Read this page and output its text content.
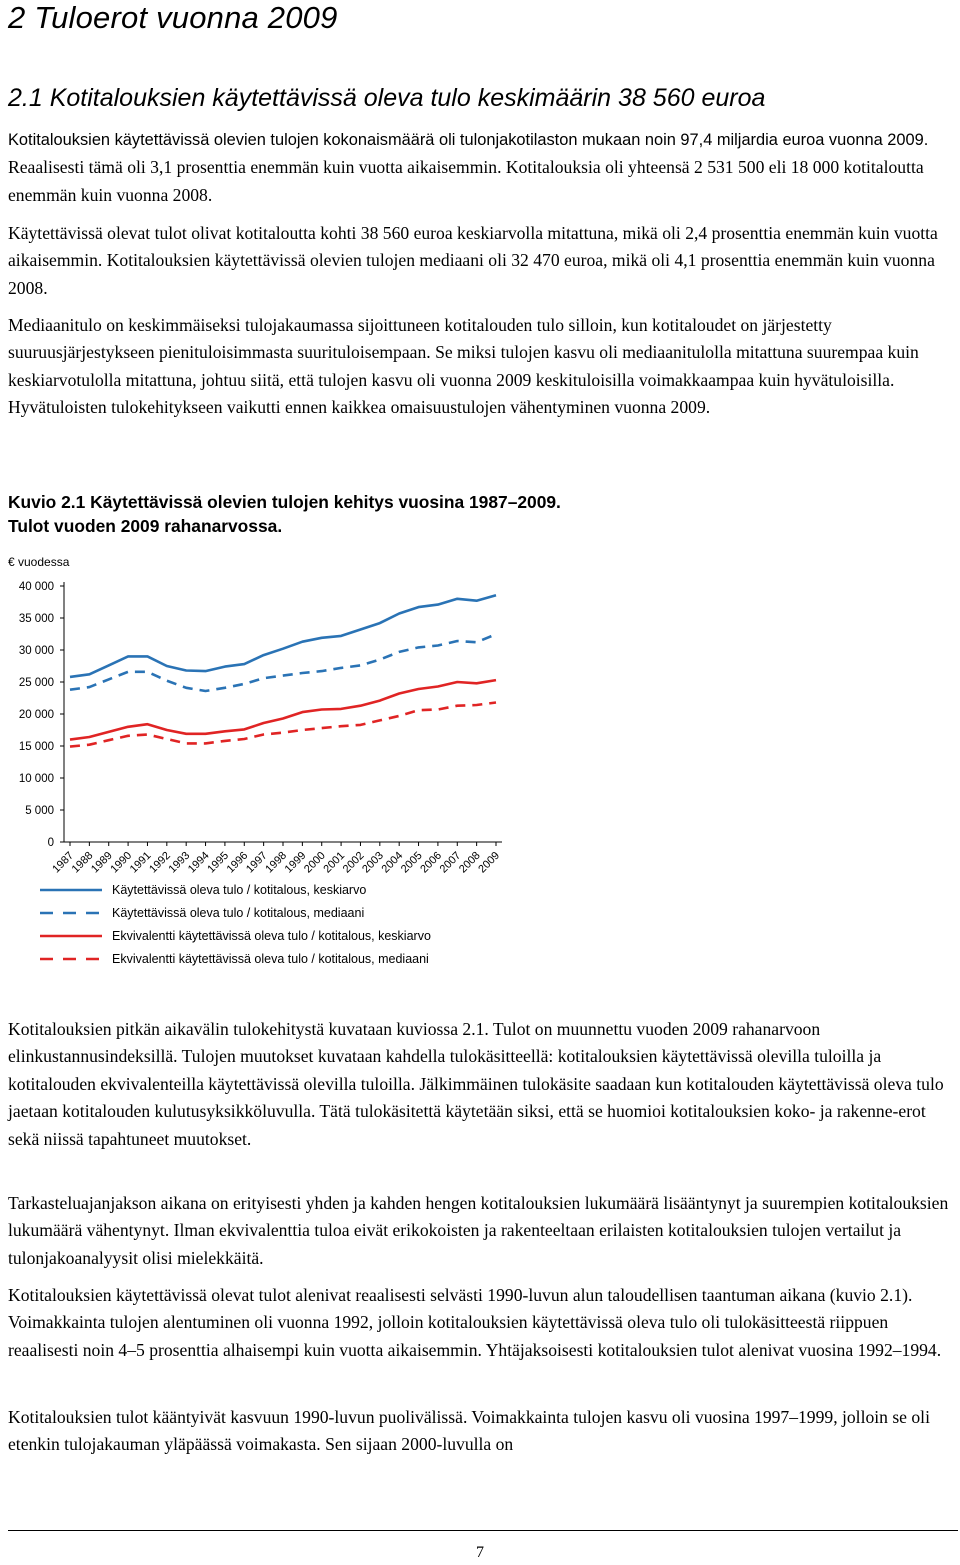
2 Tuloerot vuonna 2009
2.1 Kotitalouksien käytettävissä oleva tulo keskimäärin 38 560 euroa

Kotitalouksien käytettävissä olevien tulojen kokonaismäärä oli tulonjakotilaston mukaan noin 97,4 miljardia euroa vuonna 2009. Reaalisesti tämä oli 3,1 prosenttia enemmän kuin vuotta aikaisemmin. Kotitalouksia oli yhteensä 2 531 500 eli 18 000 kotitaloutta enemmän kuin vuonna 2008.

Käytettävissä olevat tulot olivat kotitaloutta kohti 38 560 euroa keskiarvolla mitattuna, mikä oli 2,4 prosenttia enemmän kuin vuotta aikaisemmin. Kotitalouksien käytettävissä olevien tulojen mediaani oli 32 470 euroa, mikä oli 4,1 prosenttia enemmän kuin vuonna 2008.

Mediaanitulo on keskimmäiseksi tulojakaumassa sijoittuneen kotitalouden tulo silloin, kun kotitaloudet on järjestetty suuruusjärjestykseen pienituloisimmasta suurituloisempaan. Se miksi tulojen kasvu oli mediaanitulolla mitattuna suurempaa kuin keskiarvotulolla mitattuna, johtuu siitä, että tulojen kasvu oli vuonna 2009 keskituloisilla voimakkaampaa kuin hyvätuloisilla. Hyvätuloisten tulokehitykseen vaikutti ennen kaikkea omaisuustulojen vähentyminen vuonna 2009.

Kuvio 2.1 Käytettävissä olevien tulojen kehitys vuosina 1987–2009.
Tulot vuoden 2009 rahanarvossa.

€ vuodessa
0
5 000
10 000
15 000
20 000
25 000
30 000
35 000
40 000
1987
1988
1989
1990
1991
1992
1993
1994
1995
1996
1997
1998
1999
2000
2001
2002
2003
2004
2005
2006
2007
2008
2009
Käytettävissä oleva tulo / kotitalous, keskiarvo
Käytettävissä oleva tulo / kotitalous, mediaani
Ekvivalentti käytettävissä oleva tulo / kotitalous, keskiarvo
Ekvivalentti käytettävissä oleva tulo / kotitalous, mediaani

Kotitalouksien pitkän aikavälin tulokehitystä kuvataan kuviossa 2.1. Tulot on muunnettu vuoden 2009 rahanarvoon elinkustannusindeksillä. Tulojen muutokset kuvataan kahdella tulokäsitteellä: kotitalouksien käytettävissä olevilla tuloilla ja kotitalouden ekvivalenteilla käytettävissä olevilla tuloilla. Jälkimmäinen tulokäsite saadaan kun kotitalouden käytettävissä oleva tulo jaetaan kotitalouden kulutusyksikköluvulla. Tätä tulokäsitettä käytetään siksi, että se huomioi kotitalouksien koko- ja rakenne-erot sekä niissä tapahtuneet muutokset.

Tarkasteluajanjakson aikana on erityisesti yhden ja kahden hengen kotitalouksien lukumäärä lisääntynyt ja suurempien kotitalouksien lukumäärä vähentynyt. Ilman ekvivalenttia tuloa eivät erikokoisten ja rakenteeltaan erilaisten kotitalouksien tulojen vertailut ja tulonjakoanalyysit olisi mielekkäitä.

Kotitalouksien käytettävissä olevat tulot alenivat reaalisesti selvästi 1990-luvun alun taloudellisen taantuman aikana (kuvio 2.1). Voimakkainta tulojen alentuminen oli vuonna 1992, jolloin kotitalouksien käytettävissä oleva tulo oli tulokäsitteestä riippuen reaalisesti noin 4–5 prosenttia alhaisempi kuin vuotta aikaisemmin. Yhtäjaksoisesti kotitalouksien tulot alenivat vuosina 1992–1994.

Kotitalouksien tulot kääntyivät kasvuun 1990-luvun puolivälissä. Voimakkainta tulojen kasvu oli vuosina 1997–1999, jolloin se oli etenkin tulojakauman yläpäässä voimakasta. Sen sijaan 2000-luvulla on

7
